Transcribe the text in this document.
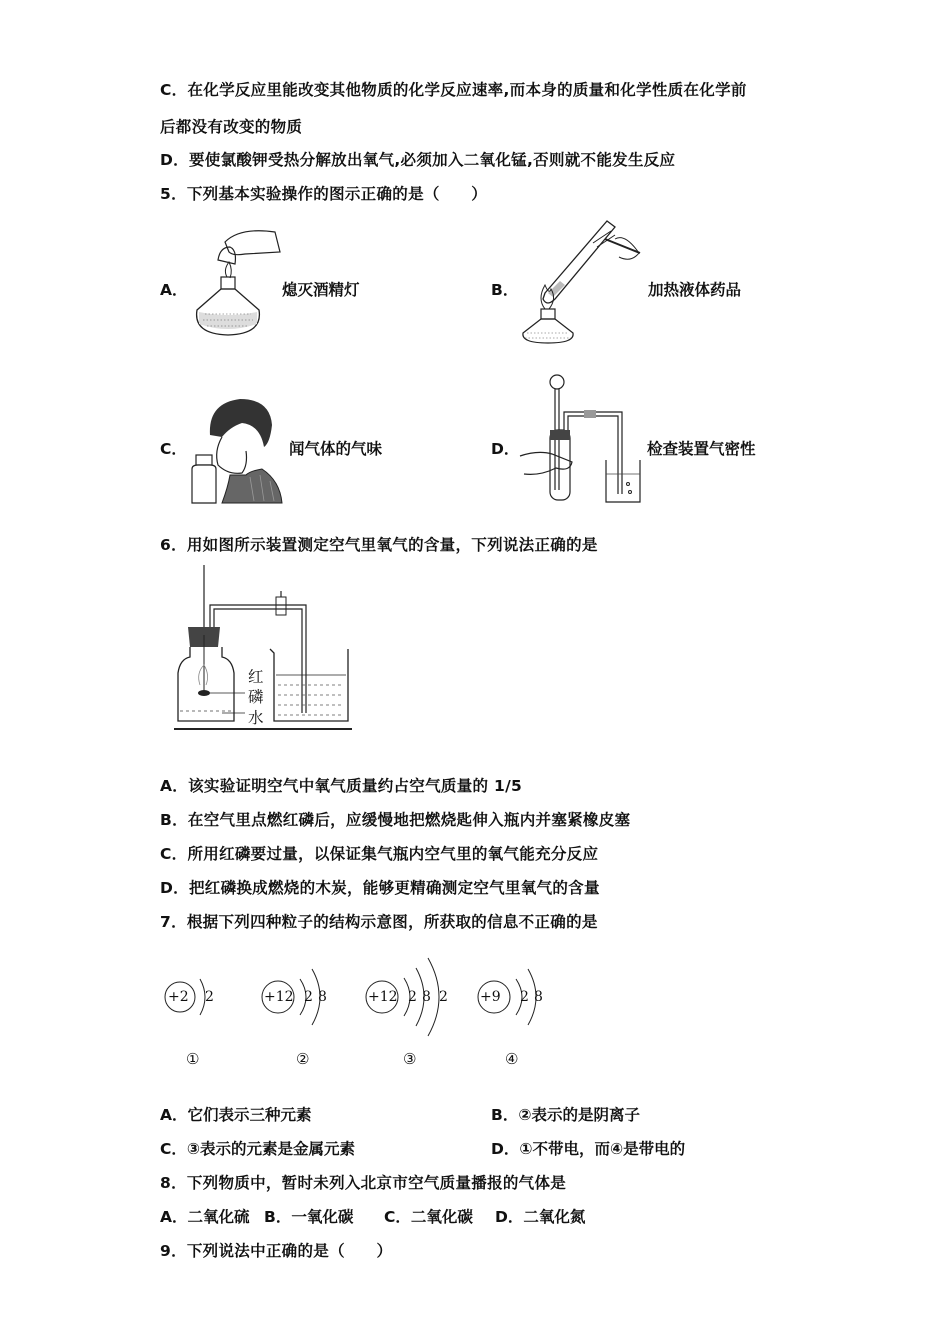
C．在化学反应里能改变其他物质的化学反应速率,而本身的质量和化学性质在化学前
后都没有改变的物质
D．要使氯酸钾受热分解放出氧气,必须加入二氧化锰,否则就不能发生反应
5．下列基本实验操作的图示正确的是（　　）
A．	熄灭酒精灯	B．	加热液体药品
C．	闻气体的气味	D．	检查装置气密性
6．用如图所示装置测定空气里氧气的含量，下列说法正确的是
红
磷
水
A．该实验证明空气中氧气质量约占空气质量的 1/5
B．在空气里点燃红磷后，应缓慢地把燃烧匙伸入瓶内并塞紧橡皮塞
C．所用红磷要过量，以保证集气瓶内空气里的氧气能充分反应
D．把红磷换成燃烧的木炭，能够更精确测定空气里氧气的含量
7．根据下列四种粒子的结构示意图，所获取的信息不正确的是
+2 2
①
+12 2 8
②
+12 2 8 2
③
+9 2 8
④
A．它们表示三种元素	B．②表示的是阴离子
C．③表示的元素是金属元素	D．①不带电，而④是带电的
8．下列物质中，暂时未列入北京市空气质量播报的气体是
A．二氧化硫 B．一氧化碳 C．二氧化碳 D．二氧化氮
9．下列说法中正确的是（　　）
